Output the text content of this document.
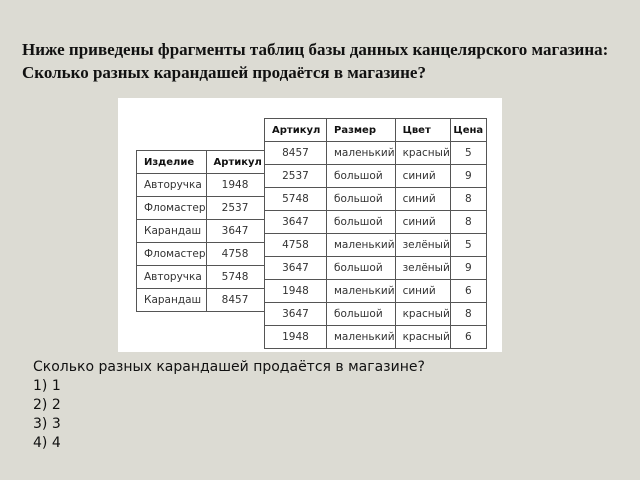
Ниже приведены фрагменты таблиц базы данных канцелярского магазина: Сколько разных карандашей продаётся в магазине?
Изделие	Артикул
Авторучка	1948
Фломастер	2537
Карандаш	3647
Фломастер	4758
Авторучка	5748
Карандаш	8457
Артикул	Размер	Цвет	Цена
8457	маленький	красный	5
2537	большой	синий	9
5748	большой	синий	8
3647	большой	синий	8
4758	маленький	зелёный	5
3647	большой	зелёный	9
1948	маленький	синий	6
3647	большой	красный	8
1948	маленький	красный	6
Сколько разных карандашей продаётся в магазине?
1) 1
2) 2
3) 3
4) 4
